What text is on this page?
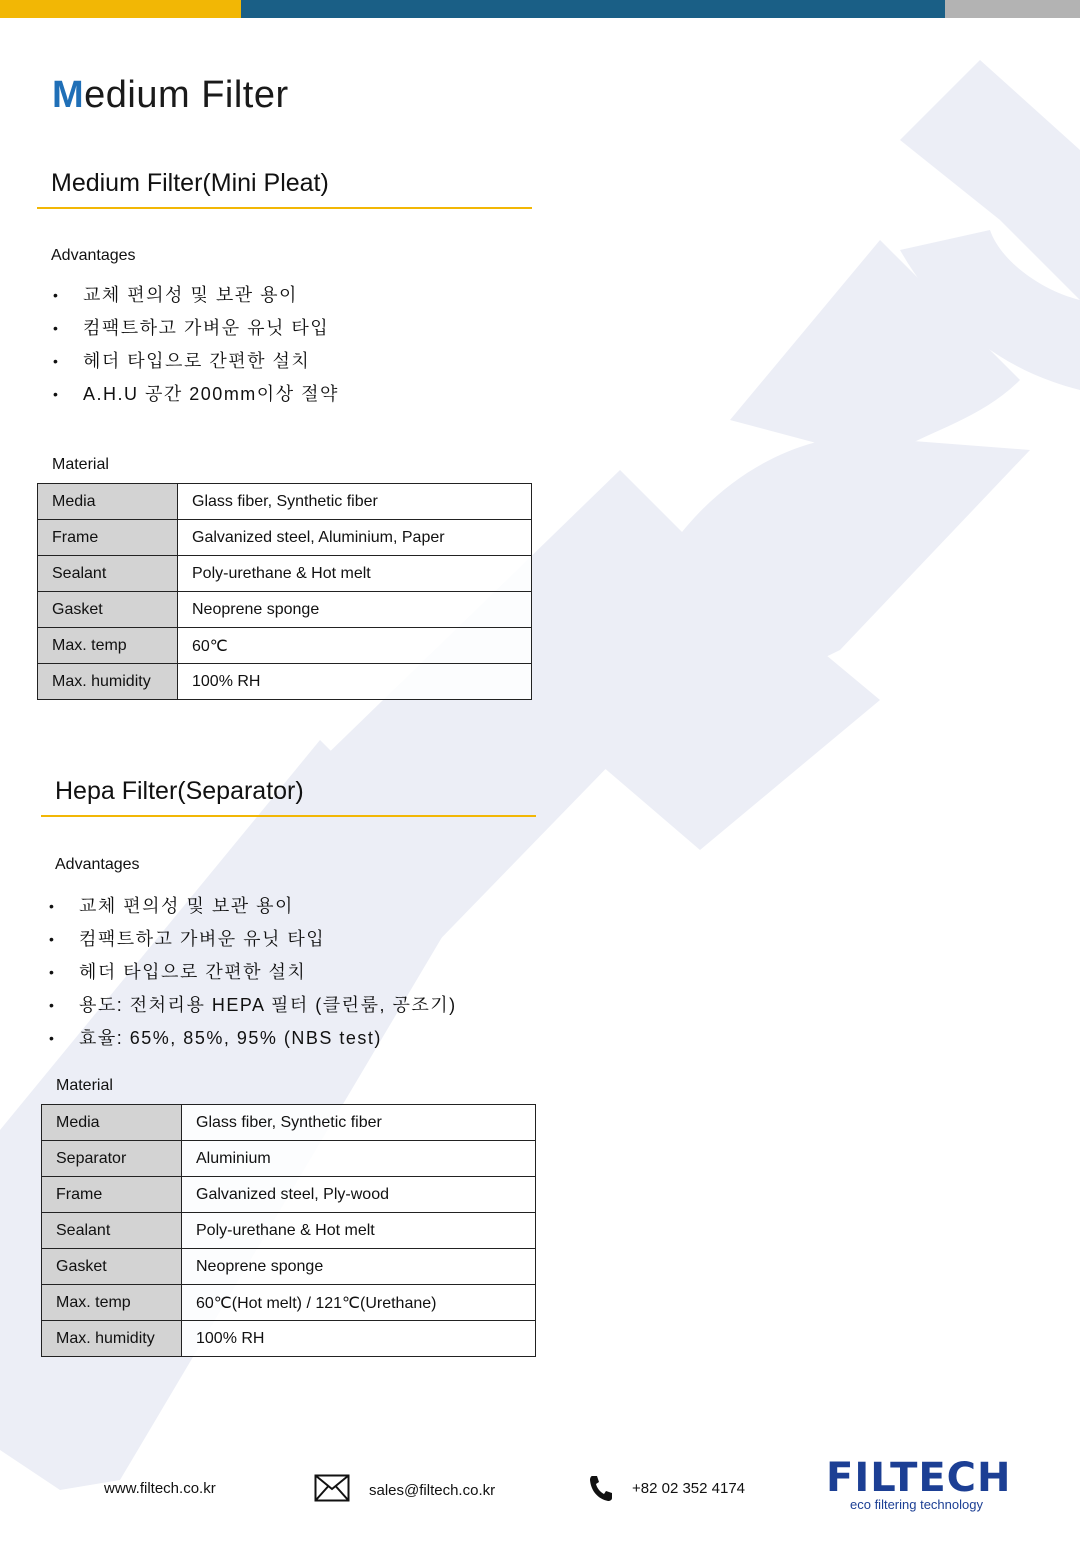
Medium Filter
Medium Filter(Mini Pleat)
Advantages
• 교체 편의성 및 보관 용이
• 컴팩트하고 가벼운 유닛 타입
• 헤더 타입으로 간편한 설치
• A.H.U 공간 200mm이상 절약
Material
Media	Glass fiber, Synthetic fiber
Frame	Galvanized steel, Aluminium, Paper
Sealant	Poly-urethane & Hot melt
Gasket	Neoprene sponge
Max. temp	60℃
Max. humidity	100% RH
Hepa Filter(Separator)
Advantages
• 교체 편의성 및 보관 용이
• 컴팩트하고 가벼운 유닛 타입
• 헤더 타입으로 간편한 설치
• 용도: 전처리용 HEPA 필터 (클린룸, 공조기)
• 효율: 65%, 85%, 95% (NBS test)
Material
Media	Glass fiber, Synthetic fiber
Separator	Aluminium
Frame	Galvanized steel, Ply-wood
Sealant	Poly-urethane & Hot melt
Gasket	Neoprene sponge
Max. temp	60℃(Hot melt) / 121℃(Urethane)
Max. humidity	100% RH
www.filtech.co.kr	sales@filtech.co.kr	+82 02 352 4174 FILTECH
eco filtering technology
